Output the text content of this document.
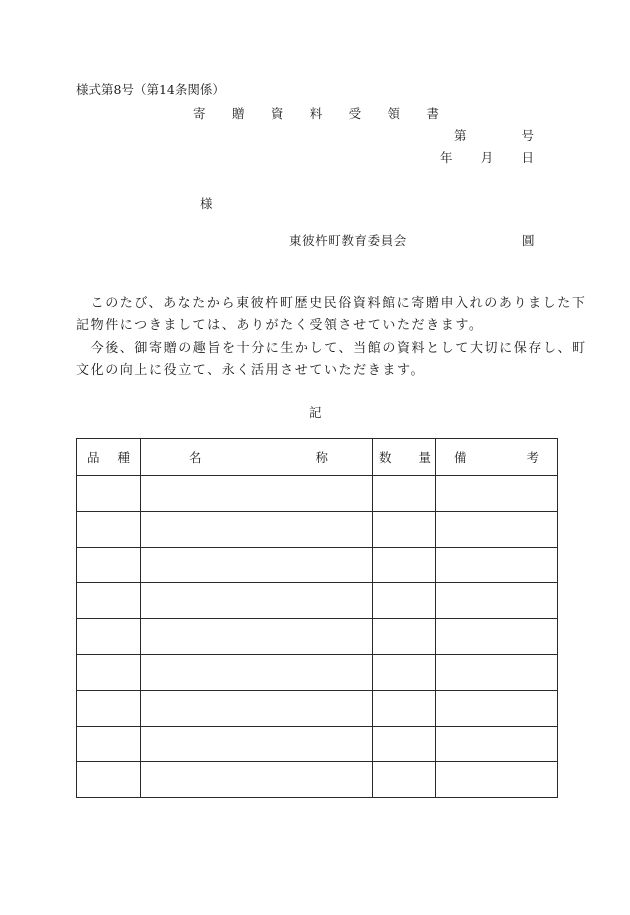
様式第8号（第14条関係）
寄 贈 資 料 受 領 書
第	号
年 月 日
様
東彼杵町教育委員会	圓
　このたび、あなたから東彼杵町歴史民俗資料館に寄贈申入れのありました下
記物件につきましては、ありがたく受領させていただきます。
　今後、御寄贈の趣旨を十分に生かして、当館の資料として大切に保存し、町
文化の向上に役立て、永く活用させていただきます。
記
品 種	名 称	数 量	備 考
